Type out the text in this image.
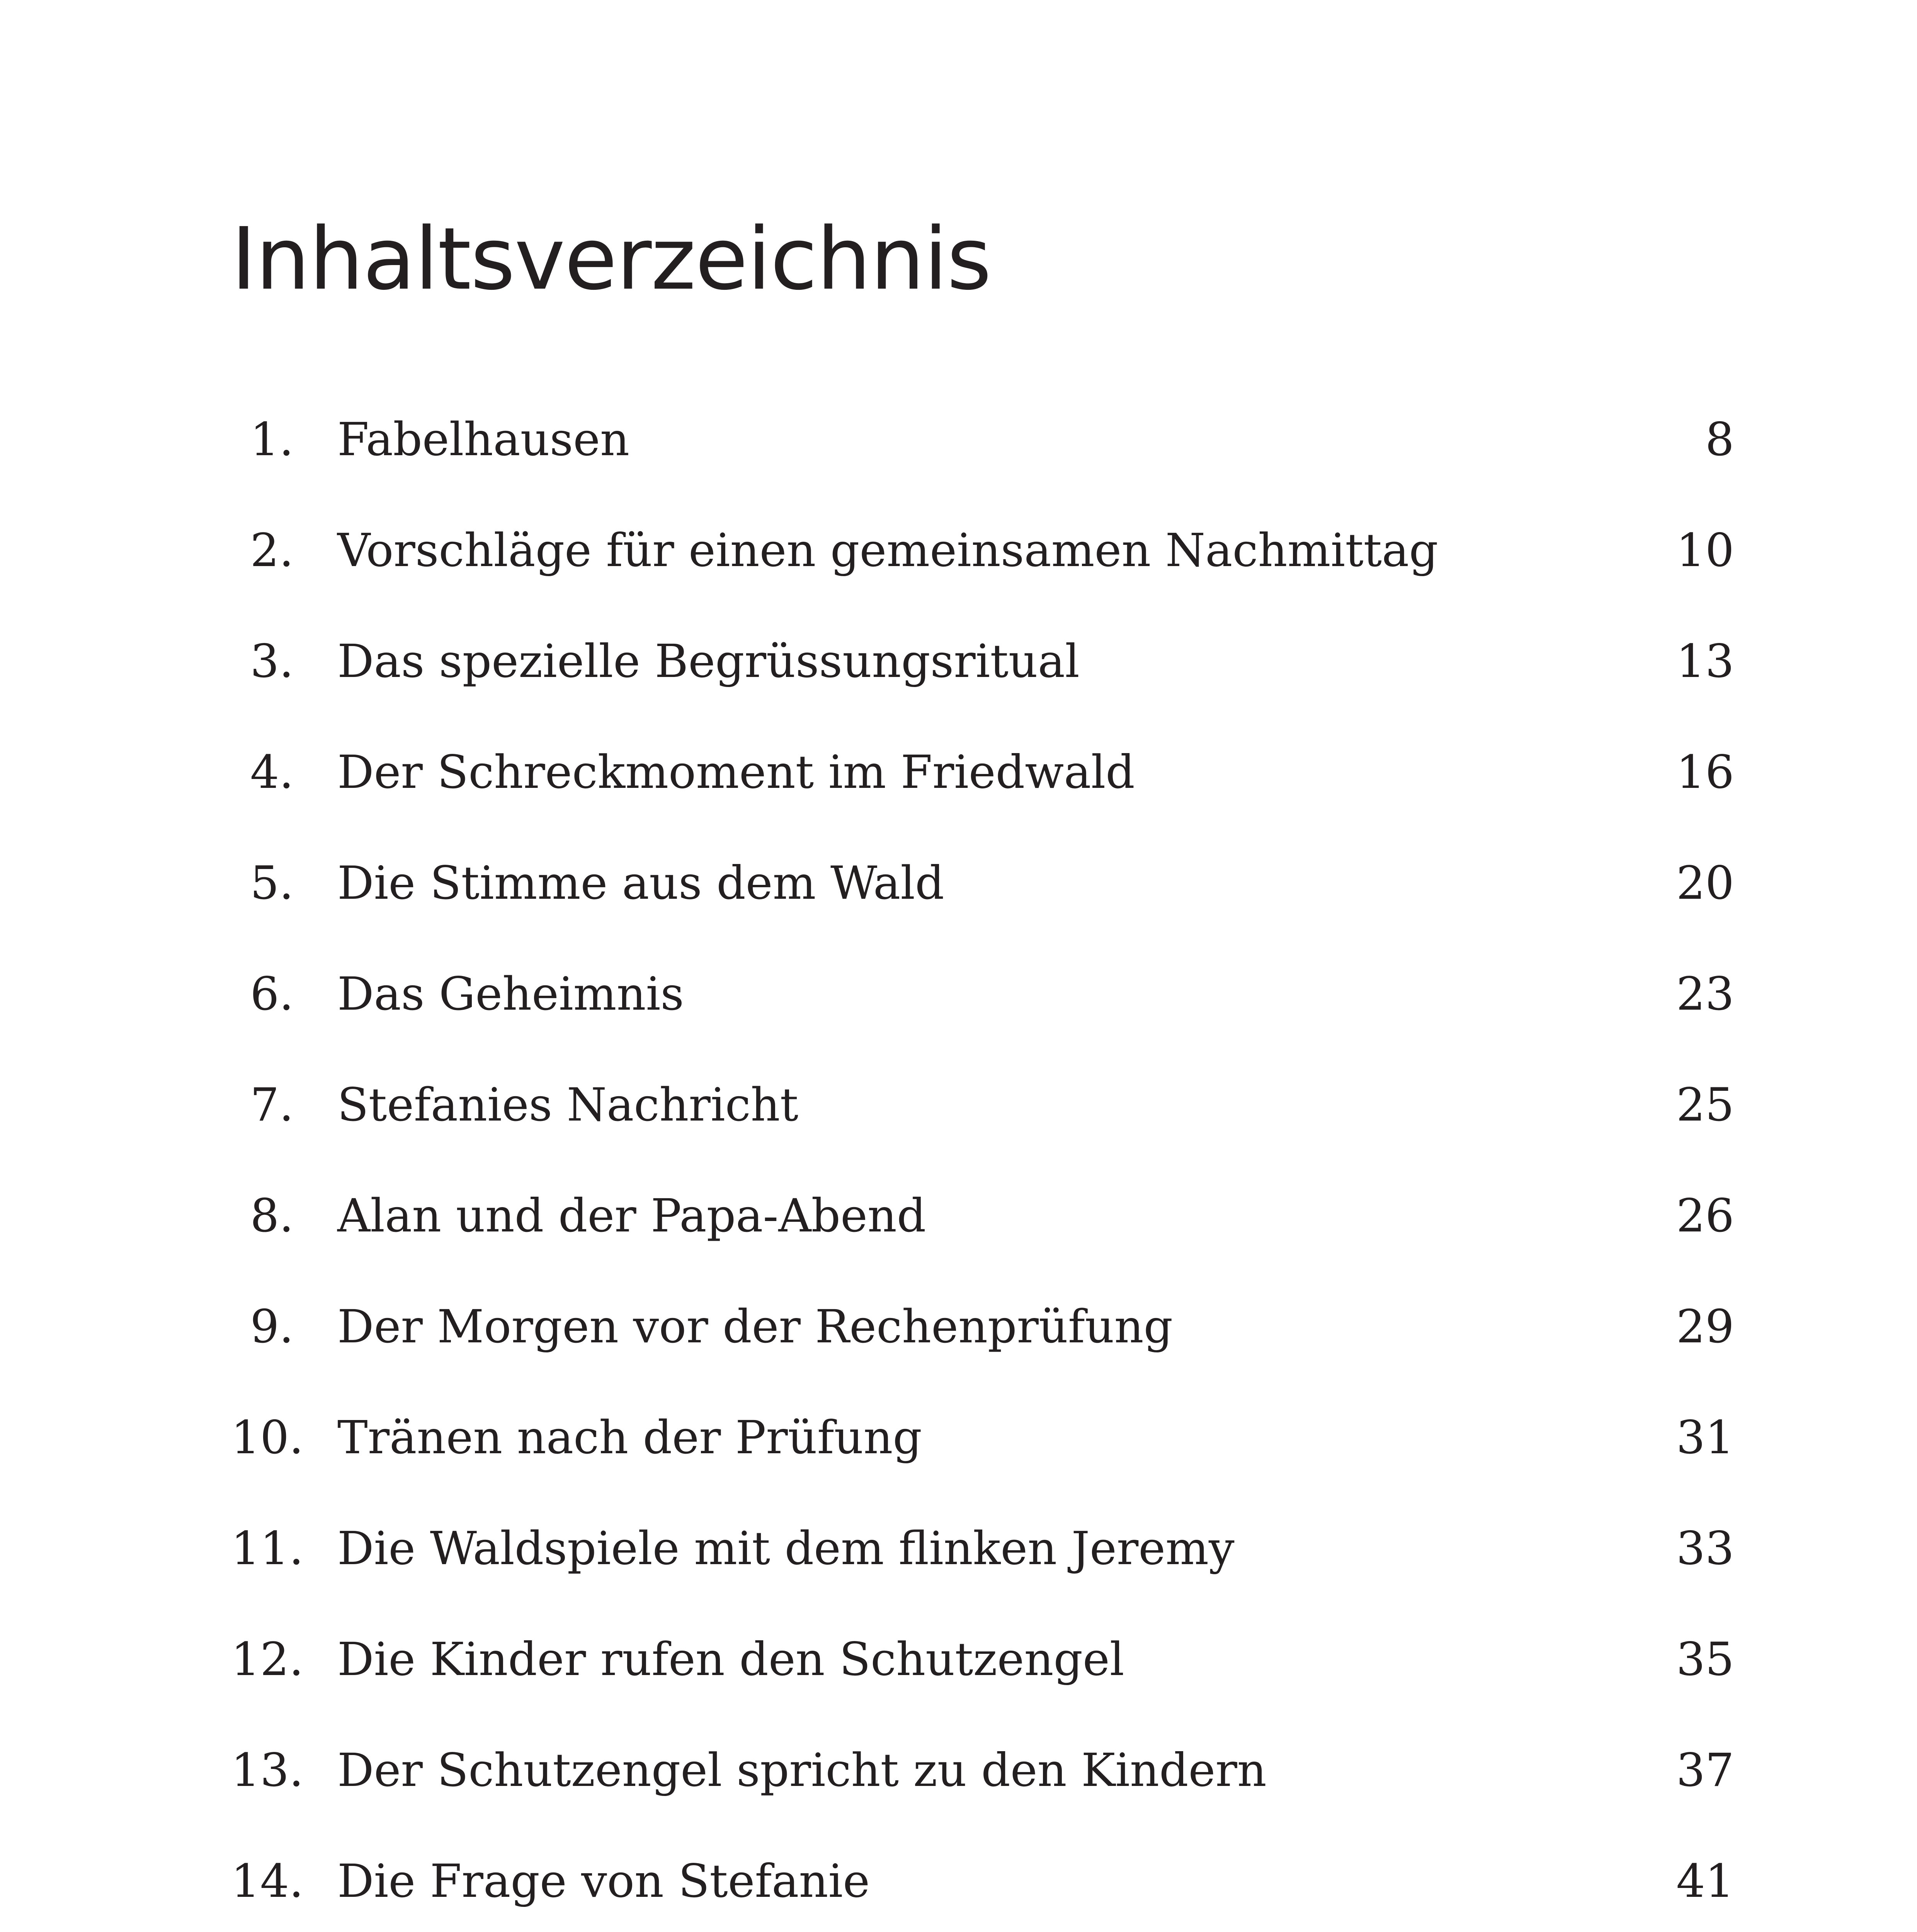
Inhaltsverzeichnis
1. Fabelhausen	8
2. Vorschläge für einen gemeinsamen Nachmittag	10
3. Das spezielle Begrüssungsritual	13
4. Der Schreckmoment im Friedwald	16
5. Die Stimme aus dem Wald	20
6. Das Geheimnis	23
7. Stefanies Nachricht	25
8. Alan und der Papa-Abend	26
9. Der Morgen vor der Rechenprüfung	29
10. Tränen nach der Prüfung	31
11. Die Waldspiele mit dem flinken Jeremy	33
12. Die Kinder rufen den Schutzengel	35
13. Der Schutzengel spricht zu den Kindern	37
14. Die Frage von Stefanie	41
